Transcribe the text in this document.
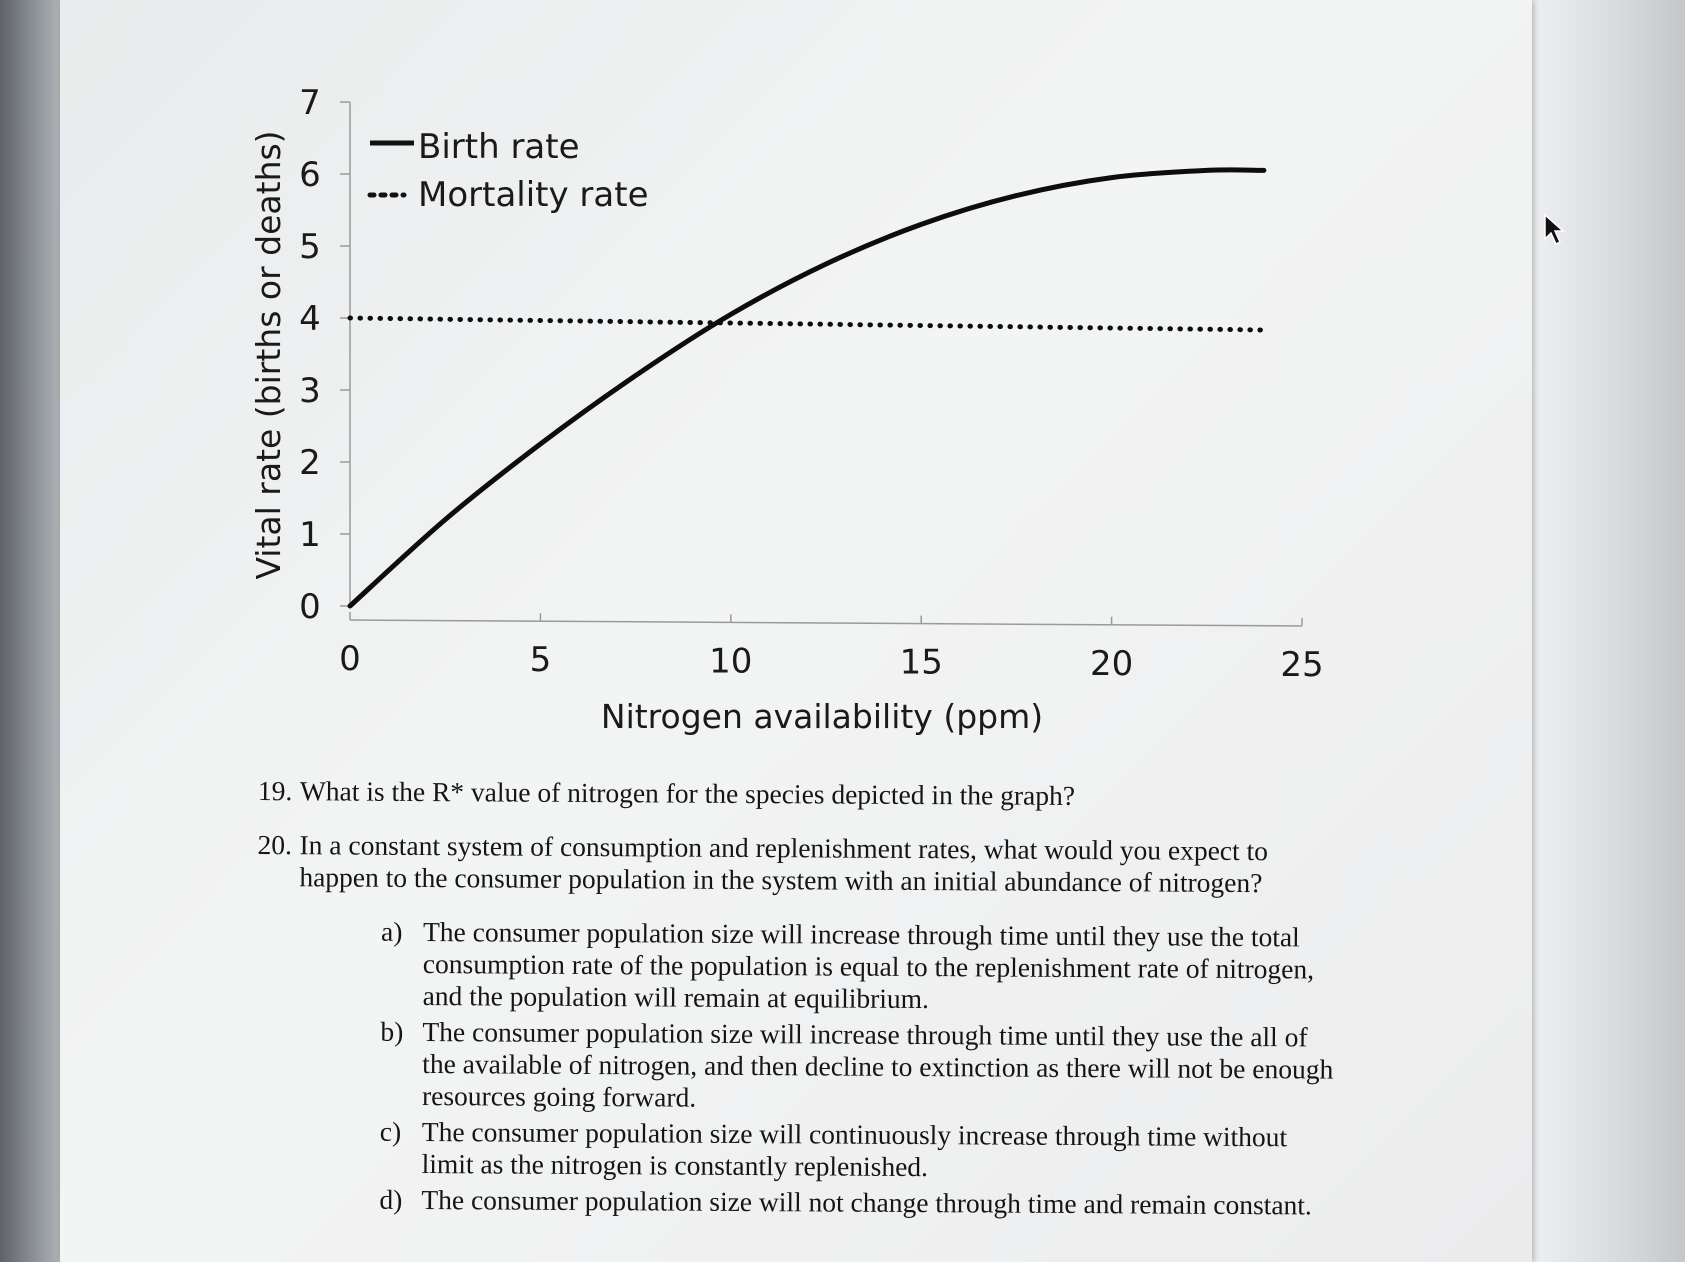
0
1
2
3
4
5
6
7
0	5	10	15	20	25
Birth rate
Mortality rate
Vital rate (births or deaths)
Nitrogen availability (ppm)
19. What is the R* value of nitrogen for the species depicted in the graph?
20. In a constant system of consumption and replenishment rates, what would you expect to happen to the consumer population in the system with an initial abundance of nitrogen?
a) The consumer population size will increase through time until they use the total consumption rate of the population is equal to the replenishment rate of nitrogen, and the population will remain at equilibrium.
b) The consumer population size will increase through time until they use the all of the available of nitrogen, and then decline to extinction as there will not be enough resources going forward.
c) The consumer population size will continuously increase through time without limit as the nitrogen is constantly replenished.
d) The consumer population size will not change through time and remain constant.
